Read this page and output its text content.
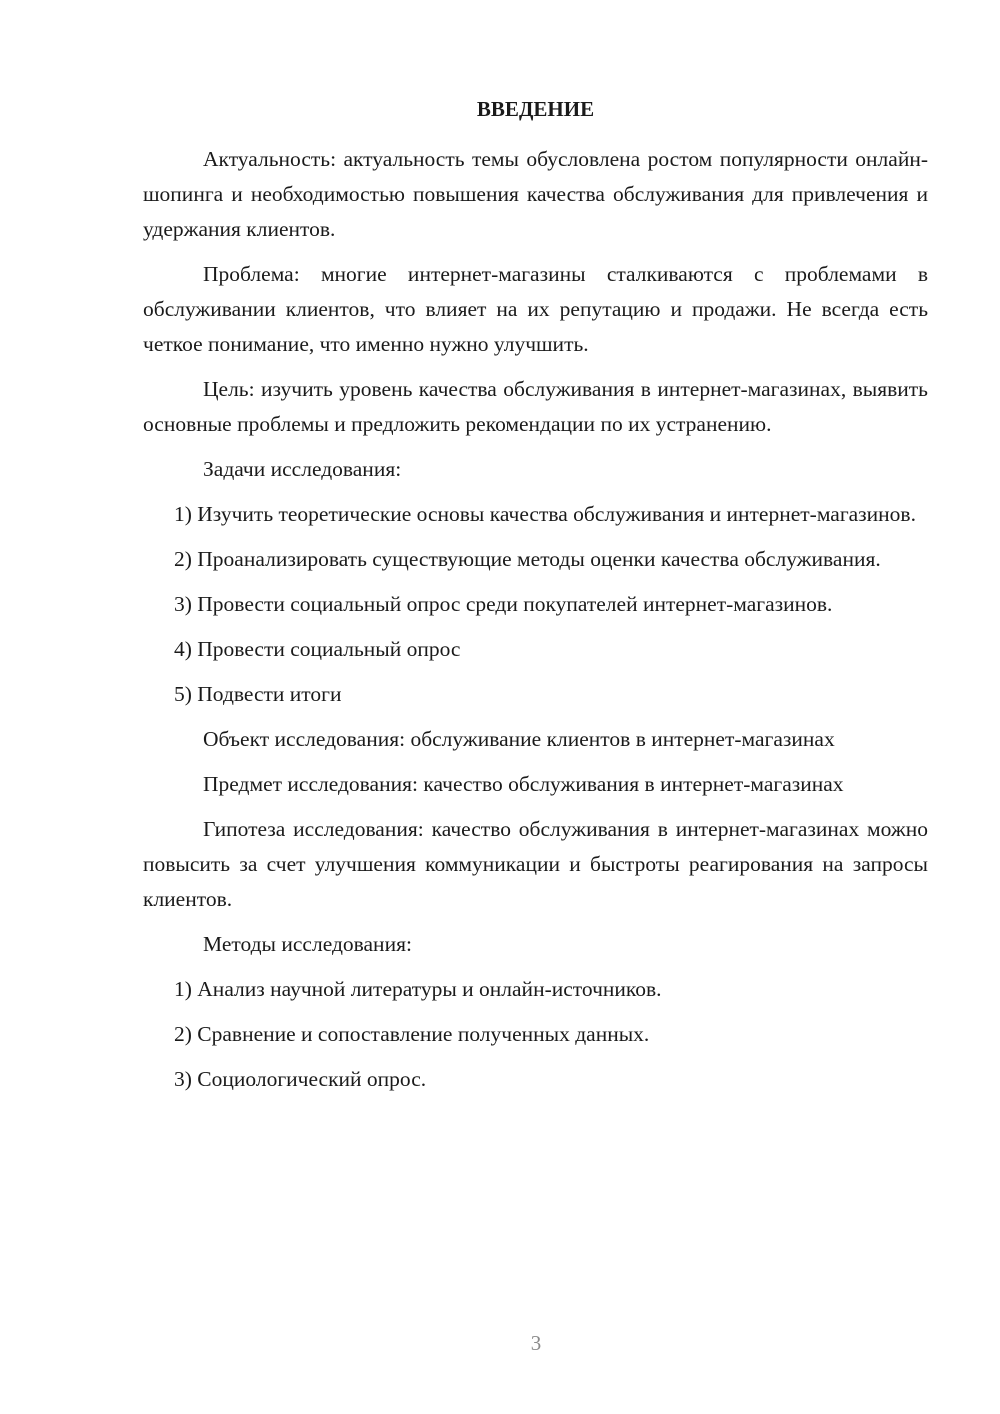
ВВЕДЕНИЕ

Актуальность: актуальность темы обусловлена ростом популярности онлайн-шопинга и необходимостью повышения качества обслуживания для привлечения и удержания клиентов.

Проблема: многие интернет-магазины сталкиваются с проблемами в обслуживании клиентов, что влияет на их репутацию и продажи. Не всегда есть четкое понимание, что именно нужно улучшить.

Цель: изучить уровень качества обслуживания в интернет-магазинах, выявить основные проблемы и предложить рекомендации по их устранению.

Задачи исследования:

1) Изучить теоретические основы качества обслуживания и интернет-магазинов.

2) Проанализировать существующие методы оценки качества обслуживания.

3) Провести социальный опрос среди покупателей интернет-магазинов.

4) Провести социальный опрос

5) Подвести итоги

Объект исследования: обслуживание клиентов в интернет-магазинах

Предмет исследования: качество обслуживания в интернет-магазинах

Гипотеза исследования: качество обслуживания в интернет-магазинах можно повысить за счет улучшения коммуникации и быстроты реагирования на запросы клиентов.

Методы исследования:

1) Анализ научной литературы и онлайн-источников.

2) Сравнение и сопоставление полученных данных.

3) Социологический опрос.

3
